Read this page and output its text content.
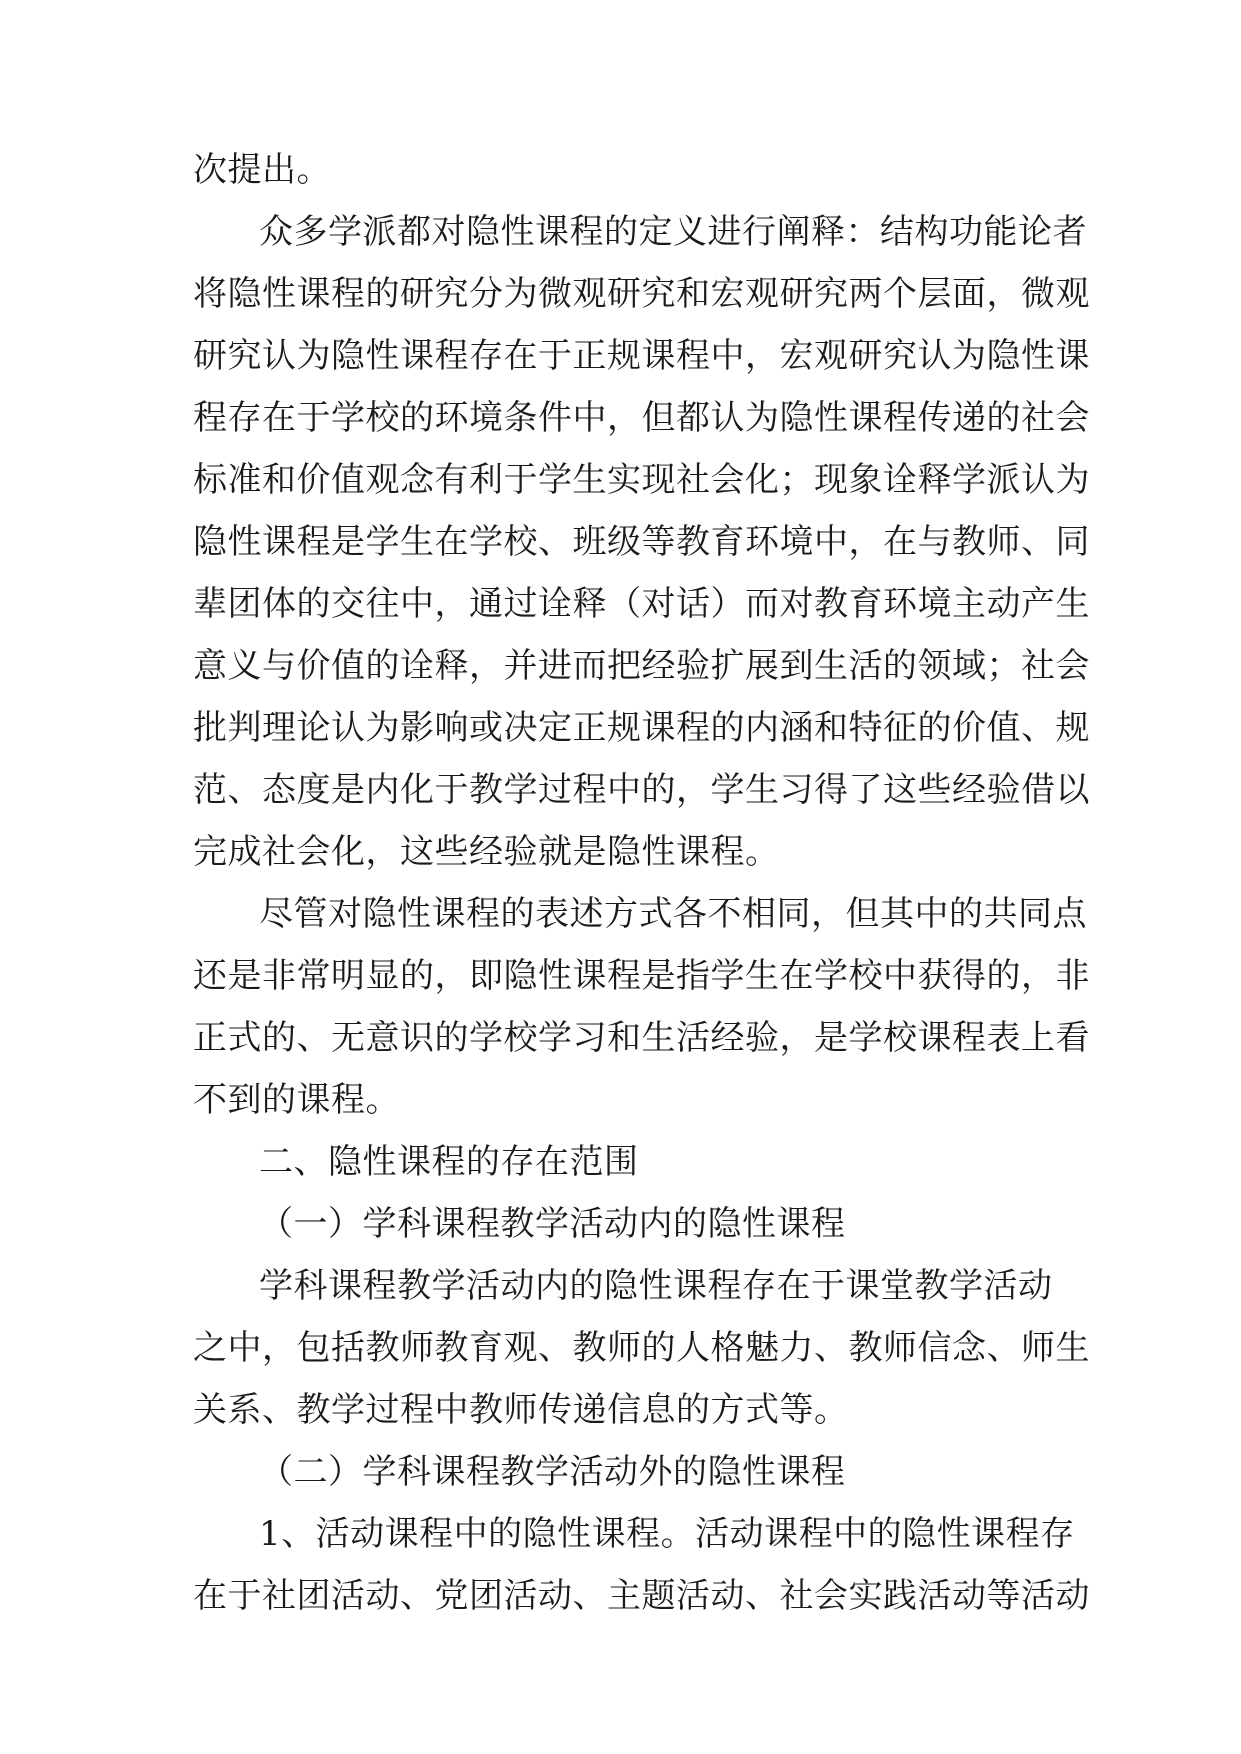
次提出。
众多学派都对隐性课程的定义进行阐释：结构功能论者
将隐性课程的研究分为微观研究和宏观研究两个层面，微观
研究认为隐性课程存在于正规课程中，宏观研究认为隐性课
程存在于学校的环境条件中，但都认为隐性课程传递的社会
标准和价值观念有利于学生实现社会化；现象诠释学派认为
隐性课程是学生在学校、班级等教育环境中，在与教师、同
辈团体的交往中，通过诠释（对话）而对教育环境主动产生
意义与价值的诠释，并进而把经验扩展到生活的领域；社会
批判理论认为影响或决定正规课程的内涵和特征的价值、规
范、态度是内化于教学过程中的，学生习得了这些经验借以
完成社会化，这些经验就是隐性课程。
尽管对隐性课程的表述方式各不相同，但其中的共同点
还是非常明显的，即隐性课程是指学生在学校中获得的，非
正式的、无意识的学校学习和生活经验，是学校课程表上看
不到的课程。
二、隐性课程的存在范围
（一）学科课程教学活动内的隐性课程
学科课程教学活动内的隐性课程存在于课堂教学活动
之中，包括教师教育观、教师的人格魅力、教师信念、师生
关系、教学过程中教师传递信息的方式等。
（二）学科课程教学活动外的隐性课程
1、活动课程中的隐性课程。活动课程中的隐性课程存
在于社团活动、党团活动、主题活动、社会实践活动等活动
